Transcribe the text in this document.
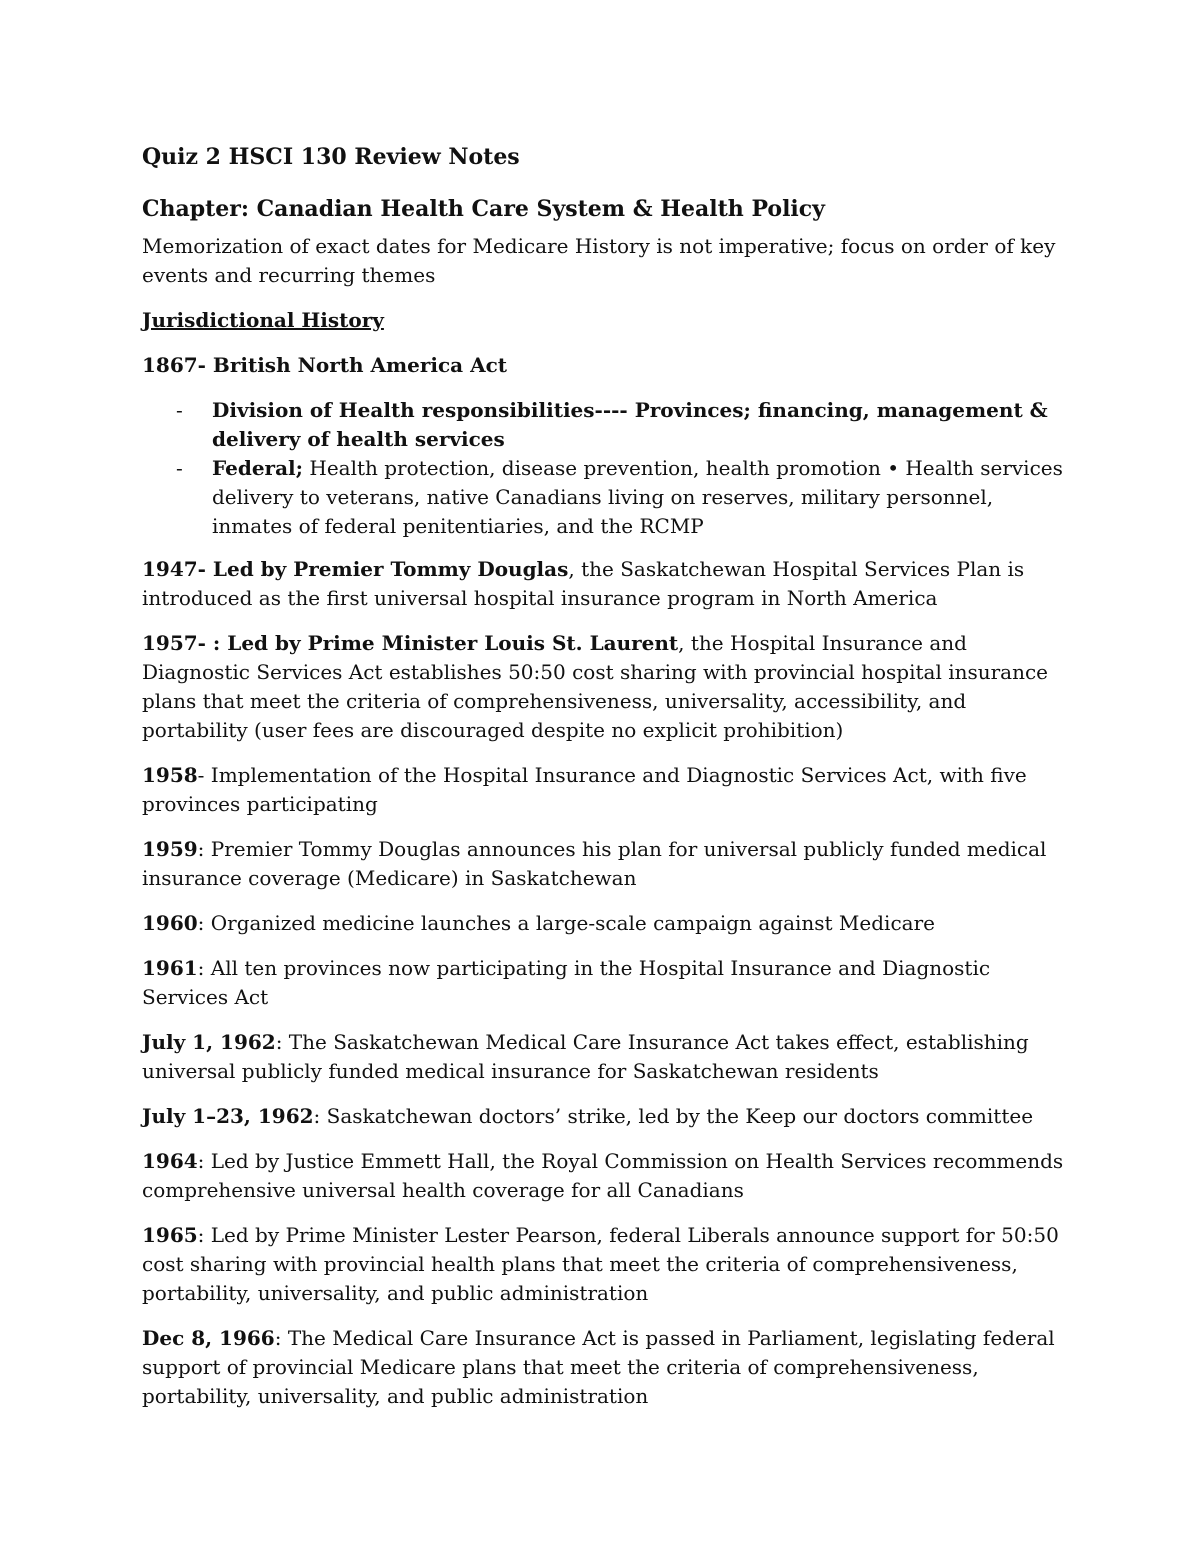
Quiz 2 HSCI 130 Review Notes
Chapter: Canadian Health Care System & Health Policy
Memorization of exact dates for Medicare History is not imperative; focus on order of key events and recurring themes
Jurisdictional History
1867- British North America Act
- Division of Health responsibilities---- Provinces; financing, management & delivery of health services
- Federal; Health protection, disease prevention, health promotion • Health services delivery to veterans, native Canadians living on reserves, military personnel, inmates of federal penitentiaries, and the RCMP
1947- Led by Premier Tommy Douglas, the Saskatchewan Hospital Services Plan is introduced as the first universal hospital insurance program in North America
1957- : Led by Prime Minister Louis St. Laurent, the Hospital Insurance and Diagnostic Services Act establishes 50:50 cost sharing with provincial hospital insurance plans that meet the criteria of comprehensiveness, universality, accessibility, and portability (user fees are discouraged despite no explicit prohibition)
1958- Implementation of the Hospital Insurance and Diagnostic Services Act, with five provinces participating
1959: Premier Tommy Douglas announces his plan for universal publicly funded medical insurance coverage (Medicare) in Saskatchewan
1960: Organized medicine launches a large-scale campaign against Medicare
1961: All ten provinces now participating in the Hospital Insurance and Diagnostic Services Act
July 1, 1962: The Saskatchewan Medical Care Insurance Act takes effect, establishing universal publicly funded medical insurance for Saskatchewan residents
July 1–23, 1962: Saskatchewan doctors’ strike, led by the Keep our doctors committee
1964: Led by Justice Emmett Hall, the Royal Commission on Health Services recommends comprehensive universal health coverage for all Canadians
1965: Led by Prime Minister Lester Pearson, federal Liberals announce support for 50:50 cost sharing with provincial health plans that meet the criteria of comprehensiveness, portability, universality, and public administration
Dec 8, 1966: The Medical Care Insurance Act is passed in Parliament, legislating federal support of provincial Medicare plans that meet the criteria of comprehensiveness, portability, universality, and public administration
